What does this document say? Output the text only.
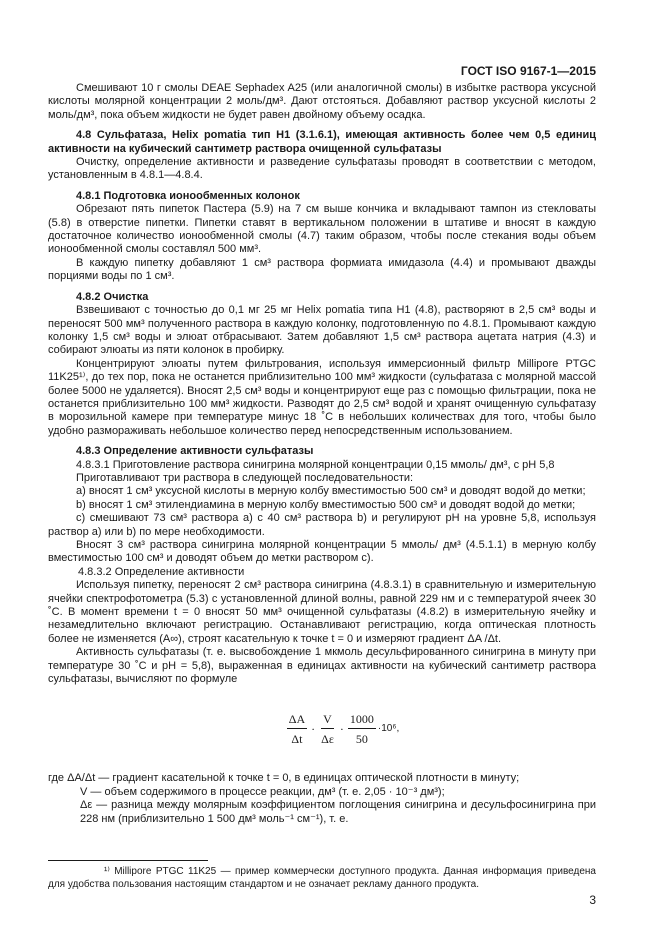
ГОСТ ISO 9167-1—2015
Смешивают 10 г смолы DEAE Sephadex A25 (или аналогичной смолы) в избытке раствора уксусной кислоты молярной концентрации 2 моль/дм³. Дают отстояться. Добавляют раствор уксусной кислоты 2 моль/дм³, пока объем жидкости не будет равен двойному объему осадка.
4.8 Сульфатаза, Helix pomatia тип H1 (3.1.6.1), имеющая активность более чем 0,5 единиц активности на кубический сантиметр раствора очищенной сульфатазы
Очистку, определение активности и разведение сульфатазы проводят в соответствии с методом, установленным в 4.8.1—4.8.4.
4.8.1 Подготовка ионообменных колонок
Обрезают пять пипеток Пастера (5.9) на 7 см выше кончика и вкладывают тампон из стекловаты (5.8) в отверстие пипетки. Пипетки ставят в вертикальном положении в штативе и вносят в каждую достаточное количество ионообменной смолы (4.7) таким образом, чтобы после стекания воды объем ионообменной смолы составлял 500 мм³.
В каждую пипетку добавляют 1 см³ раствора формиата имидазола (4.4) и промывают дважды порциями воды по 1 см³.
4.8.2 Очистка
Взвешивают с точностью до 0,1 мг 25 мг Helix pomatia типа H1 (4.8), растворяют в 2,5 см³ воды и переносят 500 мм³ полученного раствора в каждую колонку, подготовленную по 4.8.1. Промывают каждую колонку 1,5 см³ воды и элюат отбрасывают. Затем добавляют 1,5 см³ раствора ацетата натрия (4.3) и собирают элюаты из пяти колонок в пробирку.
Концентрируют элюаты путем фильтрования, используя иммерсионный фильтр Millipore PTGC 11K25¹⁾, до тех пор, пока не останется приблизительно 100 мм³ жидкости (сульфатаза с молярной массой более 5000 не удаляется). Вносят 2,5 см³ воды и концентрируют еще раз с помощью фильтрации, пока не останется приблизительно 100 мм³ жидкости. Разводят до 2,5 см³ водой и хранят очищенную сульфатазу в морозильной камере при температуре минус 18 ˚С в небольших количествах для того, чтобы было удобно размораживать небольшое количество перед непосредственным использованием.
4.8.3 Определение активности сульфатазы
4.8.3.1 Приготовление раствора синигрина молярной концентрации 0,15 ммоль/ дм³, с pH 5,8
Приготавливают три раствора в следующей последовательности:
a) вносят 1 см³ уксусной кислоты в мерную колбу вместимостью 500 см³ и доводят водой до метки;
b) вносят 1 см³ этилендиамина в мерную колбу вместимостью 500 см³ и доводят водой до метки;
c) смешивают 73 см³ раствора a) с 40 см³ раствора b) и регулируют pH на уровне 5,8, используя раствор a) или b) по мере необходимости.
Вносят 3 см³ раствора синигрина молярной концентрации 5 ммоль/ дм³ (4.5.1.1) в мерную колбу вместимостью 100 см³ и доводят объем до метки раствором c).
4.8.3.2 Определение активности
Используя пипетку, переносят 2 см³ раствора синигрина (4.8.3.1) в сравнительную и измерительную ячейки спектрофотометра (5.3) с установленной длиной волны, равной 229 нм и с температурой ячеек 30 ˚С. В момент времени t = 0 вносят 50 мм³ очищенной сульфатазы (4.8.2) в измерительную ячейку и незамедлительно включают регистрацию. Останавливают регистрацию, когда оптическая плотность более не изменяется (A∞), строят касательную к точке t = 0 и измеряют градиент ΔA /Δt.
Активность сульфатазы (т. е. высвобождение 1 мкмоль десульфированного синигрина в минуту при температуре 30 ˚С и pH = 5,8), выраженная в единицах активности на кубический сантиметр раствора сульфатазы, вычисляют по формуле
$\frac{\Delta A}{\Delta t} \cdot \frac{V}{\Delta\varepsilon} \cdot \frac{1000}{50} \cdot 10^6$,
где ΔA/Δt — градиент касательной к точке t = 0, в единицах оптической плотности в минуту;
V — объем содержимого в процессе реакции, дм³ (т. е. 2,05 · 10⁻³ дм³);
Δε — разница между молярным коэффициентом поглощения синигрина и десульфосинигрина при 228 нм (приблизительно 1 500 дм³ моль⁻¹ см⁻¹), т. е.
¹⁾ Millipore PTGC 11K25 — пример коммерчески доступного продукта. Данная информация приведена для удобства пользования настоящим стандартом и не означает рекламу данного продукта.
3
